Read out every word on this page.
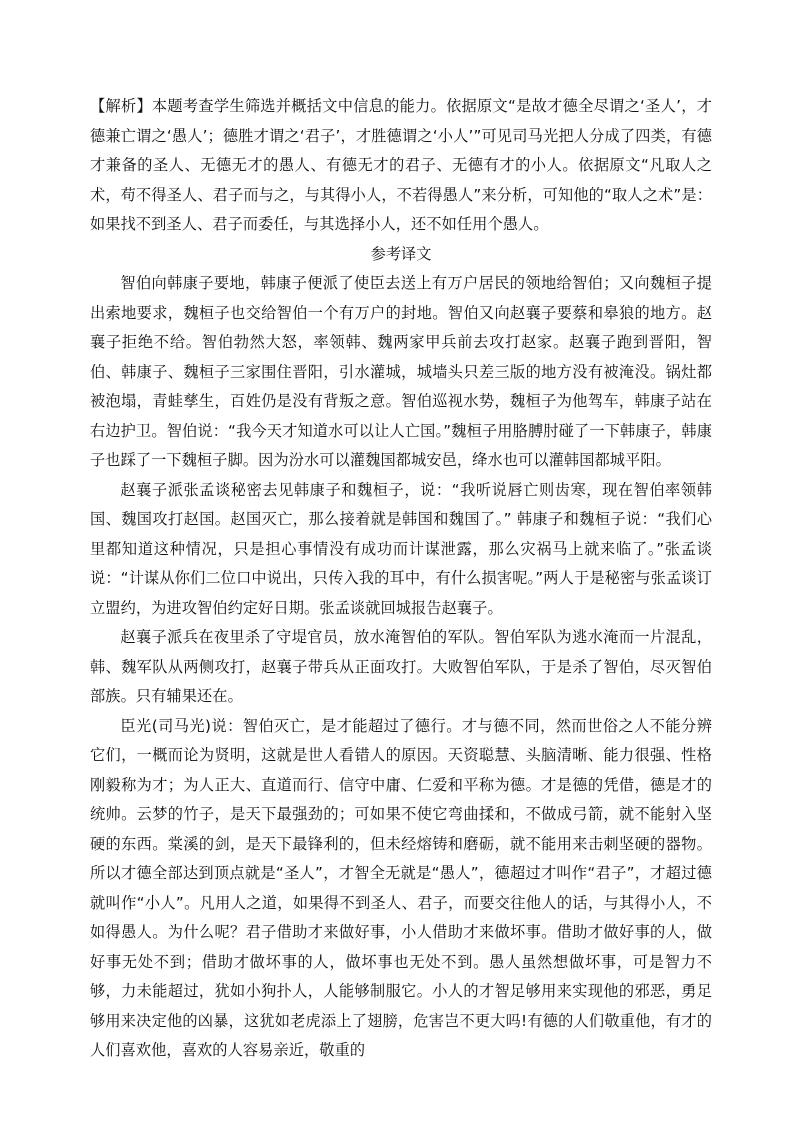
【解析】本题考查学生筛选并概括文中信息的能力。依据原文“是故才德全尽谓之‘圣人’，才德兼亡谓之‘愚人’；德胜才谓之‘君子’，才胜德谓之‘小人’”可见司马光把人分成了四类，有德才兼备的圣人、无德无才的愚人、有德无才的君子、无德有才的小人。依据原文“凡取人之术，苟不得圣人、君子而与之，与其得小人，不若得愚人”来分析，可知他的“取人之术”是：如果找不到圣人、君子而委任，与其选择小人，还不如任用个愚人。

参考译文

智伯向韩康子要地，韩康子便派了使臣去送上有万户居民的领地给智伯；又向魏桓子提出索地要求，魏桓子也交给智伯一个有万户的封地。智伯又向赵襄子要蔡和皋狼的地方。赵襄子拒绝不给。智伯勃然大怒，率领韩、魏两家甲兵前去攻打赵家。赵襄子跑到晋阳，智伯、韩康子、魏桓子三家围住晋阳，引水灌城，城墙头只差三版的地方没有被淹没。锅灶都被泡塌，青蛙孳生，百姓仍是没有背叛之意。智伯巡视水势，魏桓子为他驾车，韩康子站在右边护卫。智伯说：“我今天才知道水可以让人亡国。”魏桓子用胳膊肘碰了一下韩康子，韩康子也踩了一下魏桓子脚。因为汾水可以灌魏国都城安邑，绛水也可以灌韩国都城平阳。

赵襄子派张孟谈秘密去见韩康子和魏桓子，说：“我听说唇亡则齿寒，现在智伯率领韩国、魏国攻打赵国。赵国灭亡，那么接着就是韩国和魏国了。” 韩康子和魏桓子说：“我们心里都知道这种情况，只是担心事情没有成功而计谋泄露，那么灾祸马上就来临了。”张孟谈说：“计谋从你们二位口中说出，只传入我的耳中，有什么损害呢。”两人于是秘密与张孟谈订立盟约，为进攻智伯约定好日期。张孟谈就回城报告赵襄子。

赵襄子派兵在夜里杀了守堤官员，放水淹智伯的军队。智伯军队为逃水淹而一片混乱，韩、魏军队从两侧攻打，赵襄子带兵从正面攻打。大败智伯军队，于是杀了智伯，尽灭智伯部族。只有辅果还在。

臣光(司马光)说：智伯灭亡，是才能超过了德行。才与德不同，然而世俗之人不能分辨它们，一概而论为贤明，这就是世人看错人的原因。天资聪慧、头脑清晰、能力很强、性格刚毅称为才；为人正大、直道而行、信守中庸、仁爱和平称为德。才是德的凭借，德是才的统帅。云梦的竹子，是天下最强劲的；可如果不使它弯曲揉和，不做成弓箭，就不能射入坚硬的东西。棠溪的剑，是天下最锋利的，但未经熔铸和磨砺，就不能用来击刺坚硬的器物。所以才德全部达到顶点就是“圣人”，才智全无就是“愚人”，德超过才叫作“君子”，才超过德就叫作“小人”。凡用人之道，如果得不到圣人、君子，而要交往他人的话，与其得小人，不如得愚人。为什么呢？君子借助才来做好事，小人借助才来做坏事。借助才做好事的人，做好事无处不到；借助才做坏事的人，做坏事也无处不到。愚人虽然想做坏事，可是智力不够，力未能超过，犹如小狗扑人，人能够制服它。小人的才智足够用来实现他的邪恶，勇足够用来决定他的凶暴，这犹如老虎添上了翅膀，危害岂不更大吗!有德的人们敬重他，有才的人们喜欢他，喜欢的人容易亲近，敬重的
